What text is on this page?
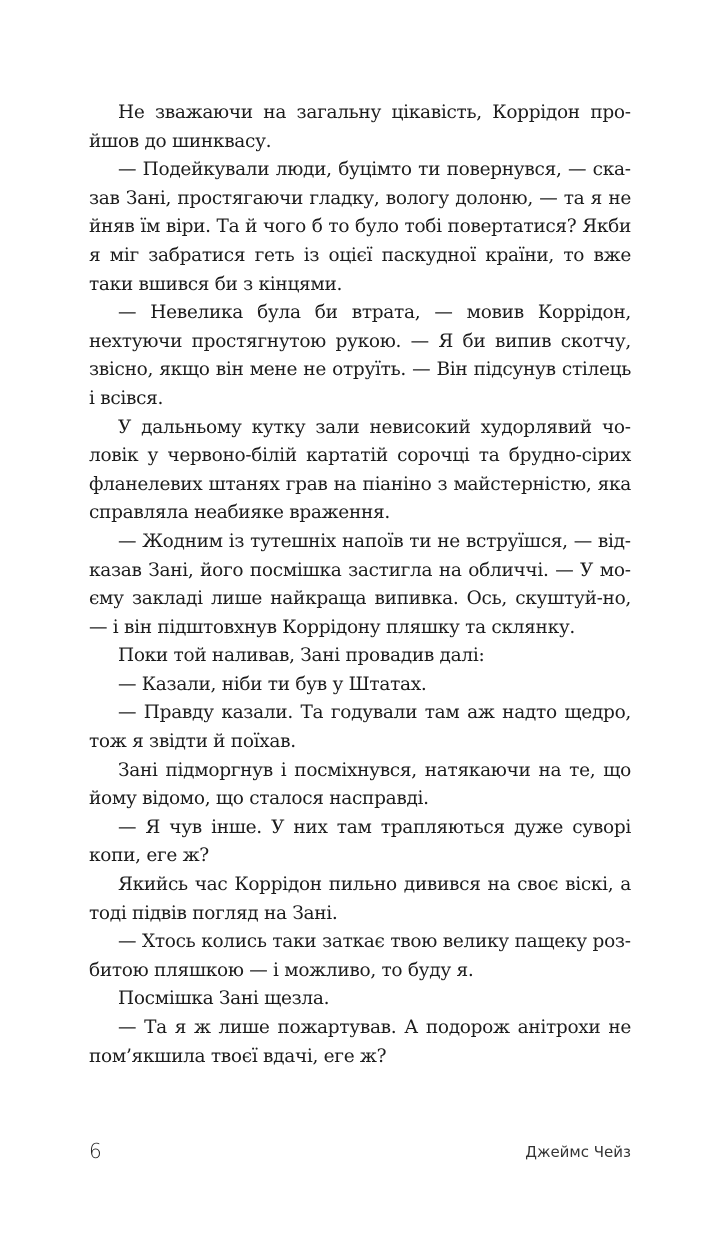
Не зважаючи на загальну цікавість, Коррідон пройшов до шинквасу.

— Подейкували люди, буцімто ти повернувся, — сказав Зані, простягаючи гладку, вологу долоню, — та я не йняв їм віри. Та й чого б то було тобі повертатися? Якби я міг забратися геть із оцієї паскудної країни, то вже таки вшився би з кінцями.

— Невелика була би втрата, — мовив Коррідон, нехтуючи простягнутою рукою. — Я би випив скотчу, звісно, якщо він мене не отруїть. — Він підсунув стілець і всівся.

У дальньому кутку зали невисокий худорлявий чоловік у червоно-білій картатій сорочці та брудно-сірих фланелевих штанях грав на піаніно з майстерністю, яка справляла неабияке враження.

— Жодним із тутешніх напоїв ти не вструїшся, — відказав Зані, його посмішка застигла на обличчі. — У моєму закладі лише найкраща випивка. Ось, скуштуй-но, — і він підштовхнув Коррідону пляшку та склянку.

Поки той наливав, Зані провадив далі:

— Казали, ніби ти був у Штатах.

— Правду казали. Та годували там аж надто щедро, тож я звідти й поїхав.

Зані підморгнув і посміхнувся, натякаючи на те, що йому відомо, що сталося насправді.

— Я чув інше. У них там трапляються дуже суворі копи, еге ж?

Якийсь час Коррідон пильно дивився на своє віскі, а тоді підвів погляд на Зані.

— Хтось колись таки заткає твою велику пащеку розбитою пляшкою — і можливо, то буду я.

Посмішка Зані щезла.

— Та я ж лише пожартував. А подорож анітрохи не пом’якшила твоєї вдачі, еге ж?

6	Джеймс Чейз
